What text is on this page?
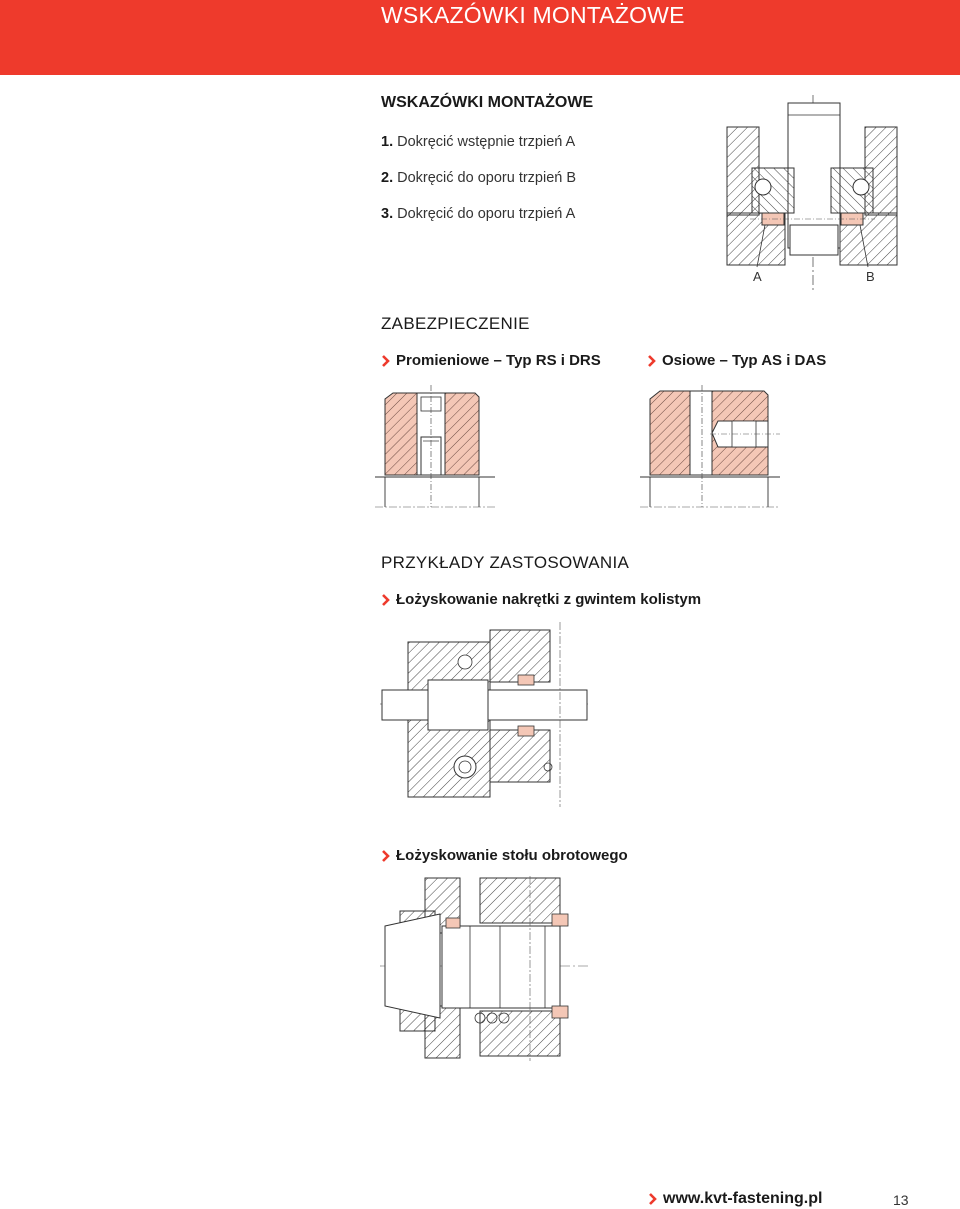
WSKAZÓWKI MONTAŻOWE
WSKAZÓWKI MONTAŻOWE
1. Dokręcić wstępnie trzpień A
2. Dokręcić do oporu trzpień B
3. Dokręcić do oporu trzpień A
A	B
ZABEZPIECZENIE
Promieniowe – Typ RS i DRS	Osiowe – Typ AS i DAS
PRZYKŁADY ZASTOSOWANIA
Łożyskowanie nakrętki z gwintem kolistym
Łożyskowanie stołu obrotowego
www.kvt-fastening.pl	13
